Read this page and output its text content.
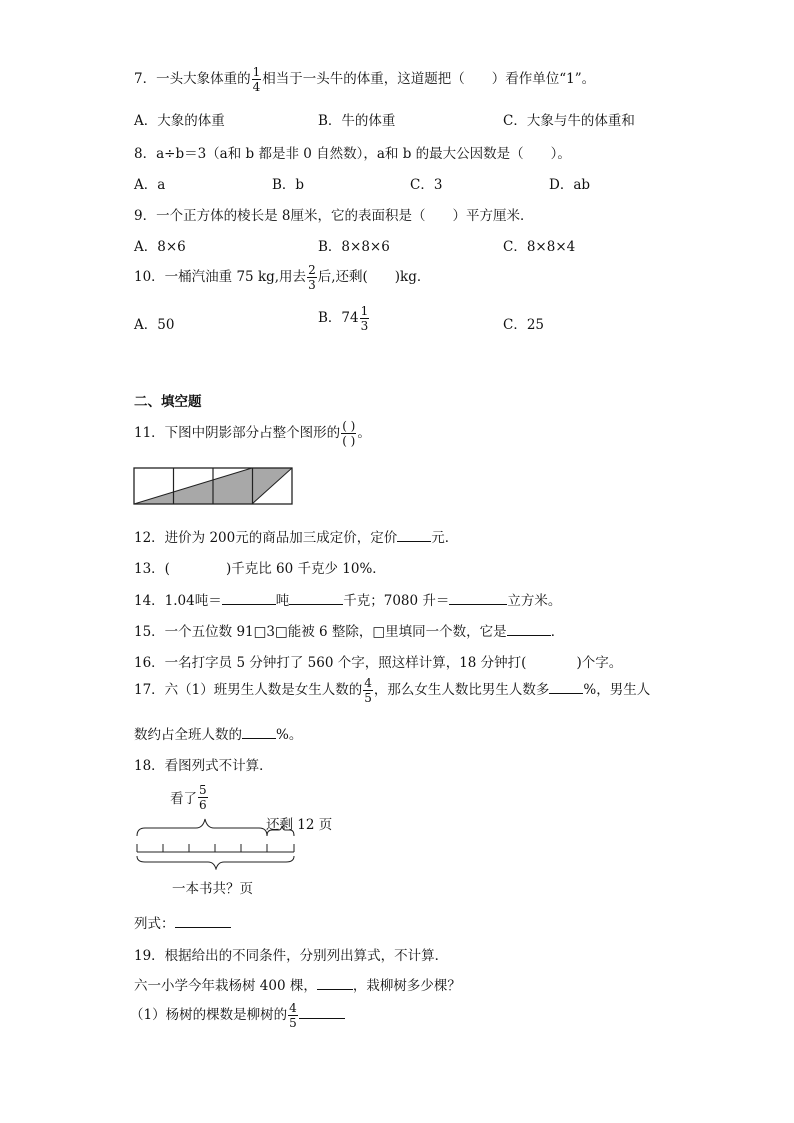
7．一头大象体重的 $\frac{1}{4}$ 相当于一头牛的体重，这道题把（　　）看作单位“1”。
A．大象的体重	B．牛的体重	C．大象与牛的体重和
8．a÷b＝3（a和 b 都是非 0 自然数），a和 b 的最大公因数是（　　）。
A．a	B．b	C．3	D．ab
9．一个正方体的棱长是 8厘米，它的表面积是（　　）平方厘米．
A．8×6	B．8×8×6	C．8×8×4
10．一桶汽油重 75 kg,用去 $\frac{2}{3}$ 后,还剩(　　)kg．
A．50	B．$74 \frac{1}{3}$	C．25
二、填空题
11．下图中阴影部分占整个图形的 $\frac{( )}{( )}$ 。
12．进价为 200元的商品加三成定价，定价	元．
13．(	)千克比 60 千克少 10%．
14．1.04吨＝	吨	千克；7080 升＝	立方米。
15．一个五位数 91□3□能被 6 整除，□里填同一个数，它是	．
16．一名打字员 5 分钟打了 560 个字，照这样计算，18 分钟打(	)个字。
17．六（1）班男生人数是女生人数的 $\frac{4}{5}$ ，那么女生人数比男生人数多	%，男生人
数约占全班人数的	%。
18．看图列式不计算．
看了 $\frac{5}{6}$
还剩 12 页
一本书共？页
列式：
19．根据给出的不同条件，分别列出算式，不计算．
六一小学今年栽杨树 400 棵，	，栽柳树多少棵？
（1）杨树的棵数是柳树的 $\frac{4}{5}$
